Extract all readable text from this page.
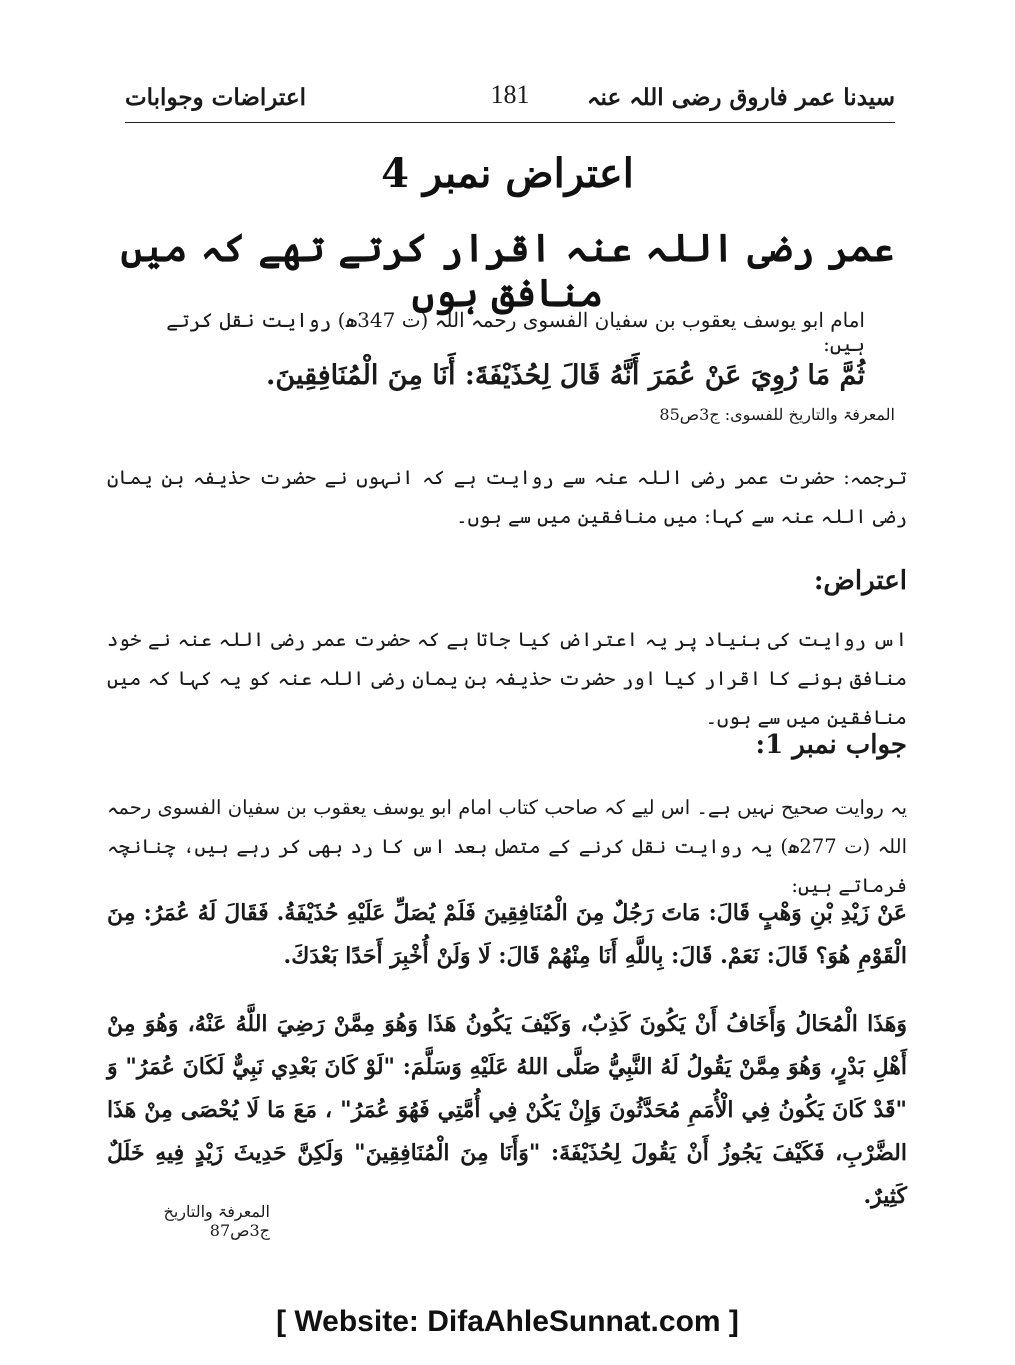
سیدنا عمر فاروق رضی اللہ عنہ
181
اعتراضات وجوابات
اعتراض نمبر 4
عمر رضی اللہ عنہ اقرار کرتے تھے کہ میں منافق ہوں
امام ابو یوسف یعقوب بن سفیان الفسوی رحمہ اللہ (ت 347ھ) روایت نقل کرتے ہیں:
ثُمَّ مَا رُوِيَ عَنْ عُمَرَ أَنَّهُ قَالَ لِحُذَيْفَةَ: أَنَا مِنَ الْمُنَافِقِينَ.
المعرفۃ والتاریخ للفسوی: ج3ص85
ترجمہ: حضرت عمر رضی اللہ عنہ سے روایت ہے کہ انہوں نے حضرت حذیفہ بن یمان رضی اللہ عنہ سے کہا: میں منافقین میں سے ہوں۔
اعتراض:
اس روایت کی بنیاد پر یہ اعتراض کیا جاتا ہے کہ حضرت عمر رضی اللہ عنہ نے خود منافق ہونے کا اقرار کیا اور حضرت حذیفہ بن یمان رضی اللہ عنہ کو یہ کہا کہ میں منافقین میں سے ہوں۔
جواب نمبر 1:
یہ روایت صحیح نہیں ہے۔ اس لیے کہ صاحب کتاب امام ابو یوسف یعقوب بن سفیان الفسوی رحمہ اللہ (ت 277ھ) یہ روایت نقل کرنے کے متصل بعد اس کا رد بھی کر رہے ہیں، چنانچہ فرماتے ہیں:
عَنْ زَيْدِ بْنِ وَهْبٍ قَالَ: مَاتَ رَجُلٌ مِنَ الْمُنَافِقِينَ فَلَمْ يُصَلِّ عَلَيْهِ حُذَيْفَةُ. فَقَالَ لَهُ عُمَرُ: مِنَ الْقَوْمِ هُوَ؟ قَالَ: نَعَمْ. قَالَ: بِاللَّهِ أَنَا مِنْهُمْ قَالَ: لَا وَلَنْ أُخْبِرَ أَحَدًا بَعْدَكَ.
وَهَذَا الْمُحَالُ وَأَخَافُ أَنْ يَكُونَ كَذِبٌ، وَكَيْفَ يَكُونُ هَذَا وَهُوَ مِمَّنْ رَضِيَ اللَّهُ عَنْهُ، وَهُوَ مِنْ أَهْلِ بَدْرٍ، وَهُوَ مِمَّنْ يَقُولُ لَهُ النَّبِيُّ صَلَّى اللهُ عَلَيْهِ وَسَلَّمَ: "لَوْ كَانَ بَعْدِي نَبِيٌّ لَكَانَ عُمَرُ" وَ "قَدْ كَانَ يَكُونُ فِي الْأُمَمِ مُحَدَّثُونَ وَإِنْ يَكُنْ فِي أُمَّتِي فَهُوَ عُمَرُ" ، مَعَ مَا لَا يُحْصَى مِنْ هَذَا الضَّرْبِ، فَكَيْفَ يَجُوزُ أَنْ يَقُولَ لِحُذَيْفَةَ: "وَأَنَا مِنَ الْمُنَافِقِينَ" وَلَكِنَّ حَدِيثَ زَيْدٍ فِيهِ خَلَلٌ كَثِيرٌ.
المعرفۃ والتاریخ ج3ص87
[ Website: DifaAhleSunnat.com ]
